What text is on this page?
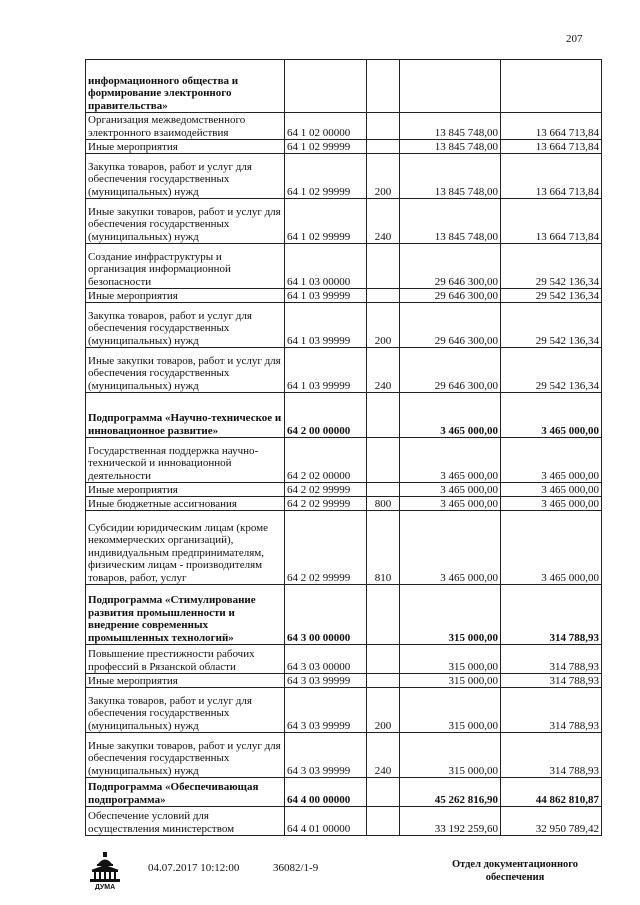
207
информационного общества и формирование электронного правительства»				
Организация межведомственного электронного взаимодействия	64 1 02 00000		13 845 748,00	13 664 713,84
Иные мероприятия	64 1 02 99999		13 845 748,00	13 664 713,84
Закупка товаров, работ и услуг для обеспечения государственных (муниципальных) нужд	64 1 02 99999	200	13 845 748,00	13 664 713,84
Иные закупки товаров, работ и услуг для обеспечения государственных (муниципальных) нужд	64 1 02 99999	240	13 845 748,00	13 664 713,84
Создание инфраструктуры и организация информационной безопасности	64 1 03 00000		29 646 300,00	29 542 136,34
Иные мероприятия	64 1 03 99999		29 646 300,00	29 542 136,34
Закупка товаров, работ и услуг для обеспечения государственных (муниципальных) нужд	64 1 03 99999	200	29 646 300,00	29 542 136,34
Иные закупки товаров, работ и услуг для обеспечения государственных (муниципальных) нужд	64 1 03 99999	240	29 646 300,00	29 542 136,34
Подпрограмма «Научно-техническое и инновационное развитие»	64 2 00 00000		3 465 000,00	3 465 000,00
Государственная поддержка научно-технической и инновационной деятельности	64 2 02 00000		3 465 000,00	3 465 000,00
Иные мероприятия	64 2 02 99999		3 465 000,00	3 465 000,00
Иные бюджетные ассигнования	64 2 02 99999	800	3 465 000,00	3 465 000,00
Субсидии юридическим лицам (кроме некоммерческих организаций), индивидуальным предпринимателям, физическим лицам - производителям товаров, работ, услуг	64 2 02 99999	810	3 465 000,00	3 465 000,00
Подпрограмма «Стимулирование развития промышленности и внедрение современных промышленных технологий»	64 3 00 00000		315 000,00	314 788,93
Повышение престижности рабочих профессий в Рязанской области	64 3 03 00000		315 000,00	314 788,93
Иные мероприятия	64 3 03 99999		315 000,00	314 788,93
Закупка товаров, работ и услуг для обеспечения государственных (муниципальных) нужд	64 3 03 99999	200	315 000,00	314 788,93
Иные закупки товаров, работ и услуг для обеспечения государственных (муниципальных) нужд	64 3 03 99999	240	315 000,00	314 788,93
Подпрограмма «Обеспечивающая подпрограмма»	64 4 00 00000		45 262 816,90	44 862 810,87
Обеспечение условий для осуществления министерством	64 4 01 00000		33 192 259,60	32 950 789,42
ДУМА
04.07.2017 10:12:00	36082/1-9	Отдел документационного
обеспечения
